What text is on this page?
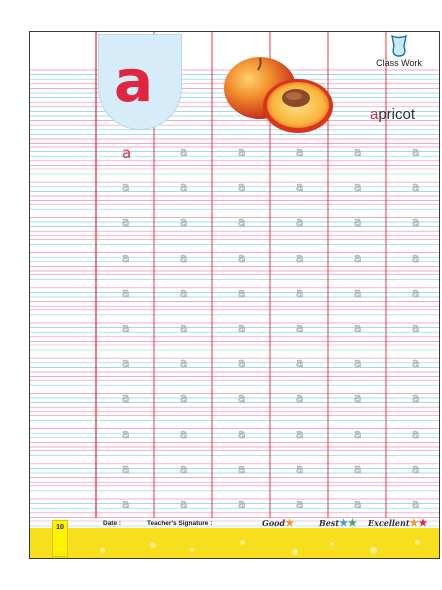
a	Class Work
apricot
a	a	a	a	a	a
a	a	a	a	a	a
a	a	a	a	a	a
a	a	a	a	a	a
a	a	a	a	a	a
a	a	a	a	a	a
a	a	a	a	a	a
a	a	a	a	a	a
a	a	a	a	a	a
a	a	a	a	a	a
a	a	a	a	a	a
10
Date :	Teacher's Signature :	Good★	Best★★ Excellent★★
